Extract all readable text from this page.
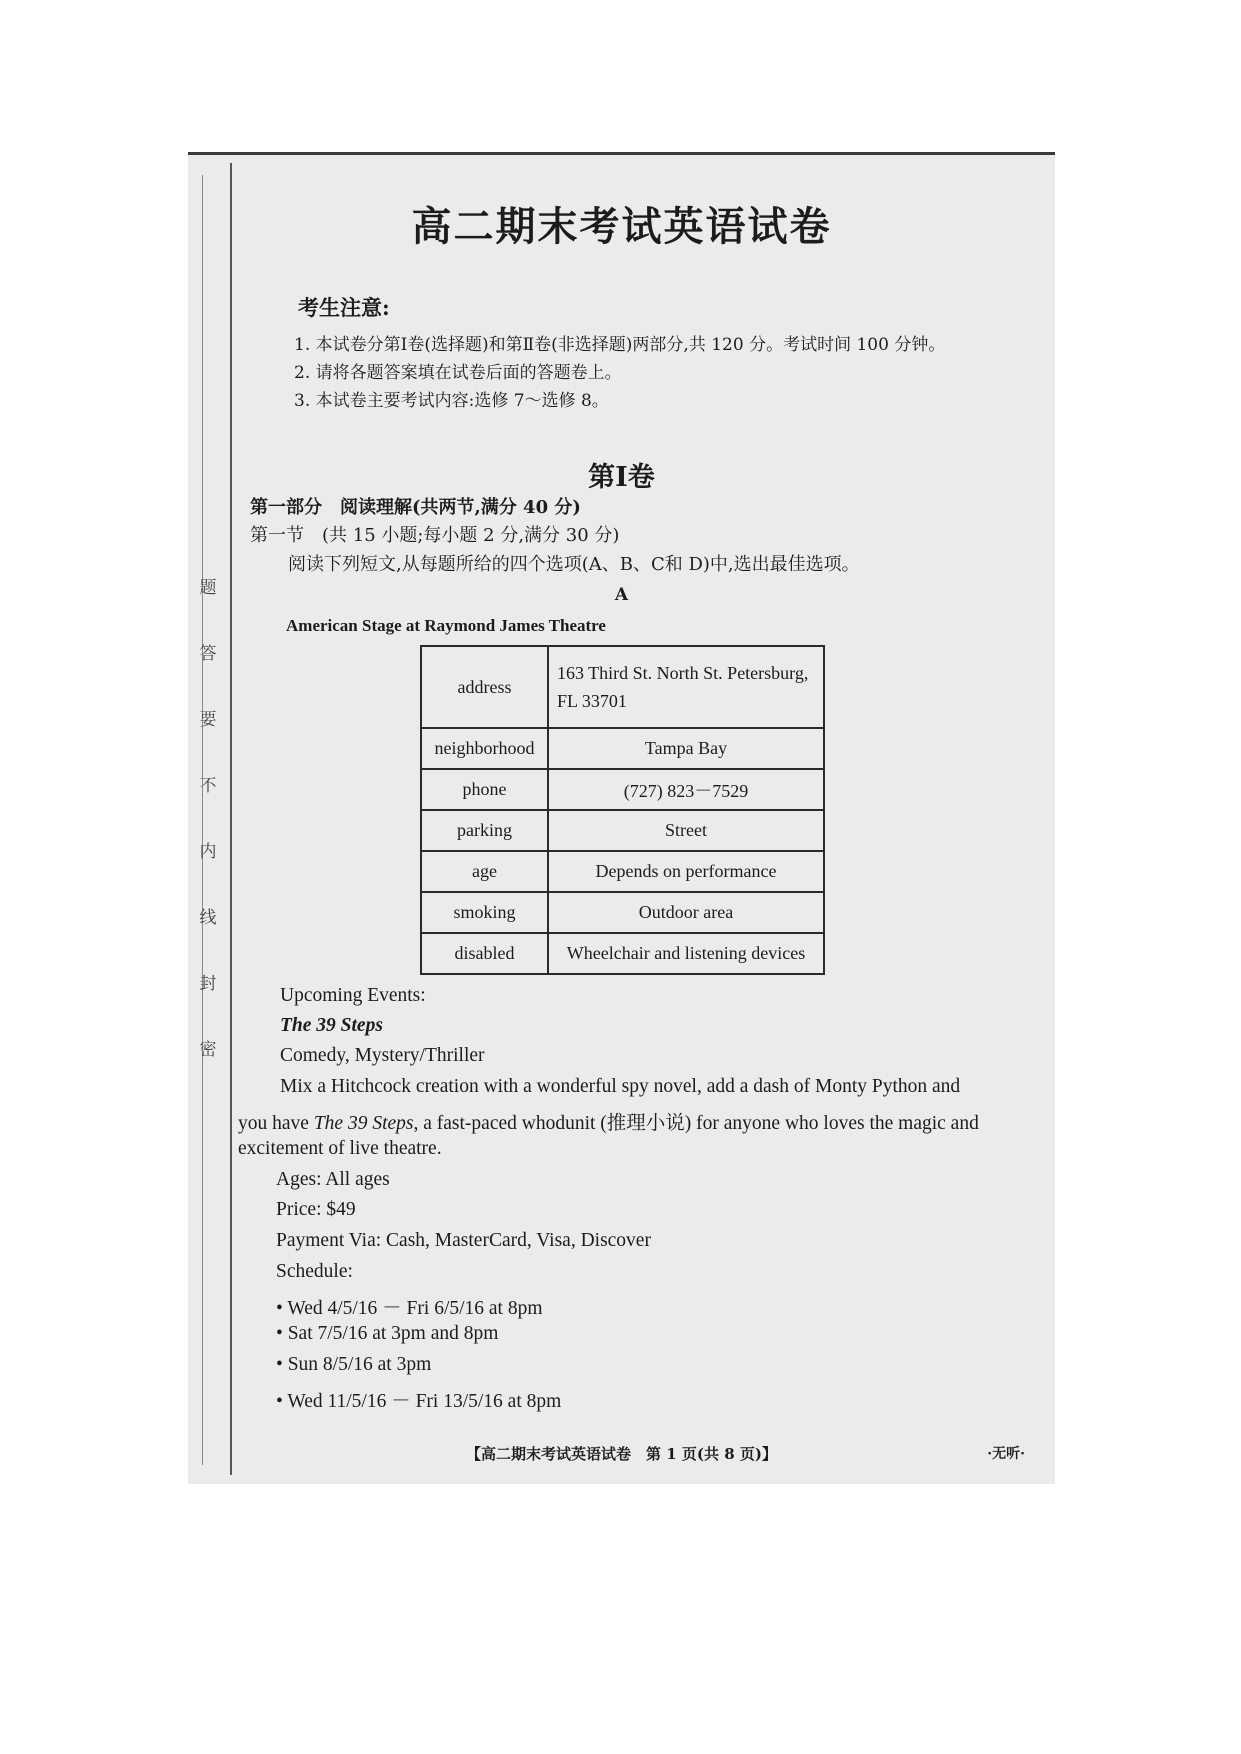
题
答
要
不
内
线
封
密
高二期末考试英语试卷
考生注意:
1. 本试卷分第Ⅰ卷(选择题)和第Ⅱ卷(非选择题)两部分,共 120 分。考试时间 100 分钟。
2. 请将各题答案填在试卷后面的答题卷上。
3. 本试卷主要考试内容:选修 7～选修 8。
第Ⅰ卷
第一部分　阅读理解(共两节,满分 40 分)
第一节　(共 15 小题;每小题 2 分,满分 30 分)
阅读下列短文,从每题所给的四个选项(A、B、C和 D)中,选出最佳选项。
A
American Stage at Raymond James Theatre
address	163 Third St. North St. Petersburg, FL 33701
neighborhood	Tampa Bay
phone	(727) 823－7529
parking	Street
age	Depends on performance
smoking	Outdoor area
disabled	Wheelchair and listening devices
Upcoming Events:
The 39 Steps
Comedy, Mystery/Thriller
Mix a Hitchcock creation with a wonderful spy novel, add a dash of Monty Python and
you have The 39 Steps, a fast-paced whodunit (推理小说) for anyone who loves the magic and
excitement of live theatre.
Ages: All ages
Price: $49
Payment Via: Cash, MasterCard, Visa, Discover
Schedule:
• Wed 4/5/16 － Fri 6/5/16 at 8pm
• Sat 7/5/16 at 3pm and 8pm
• Sun 8/5/16 at 3pm
• Wed 11/5/16 － Fri 13/5/16 at 8pm
【高二期末考试英语试卷　第 1 页(共 8 页)】	·无听·
